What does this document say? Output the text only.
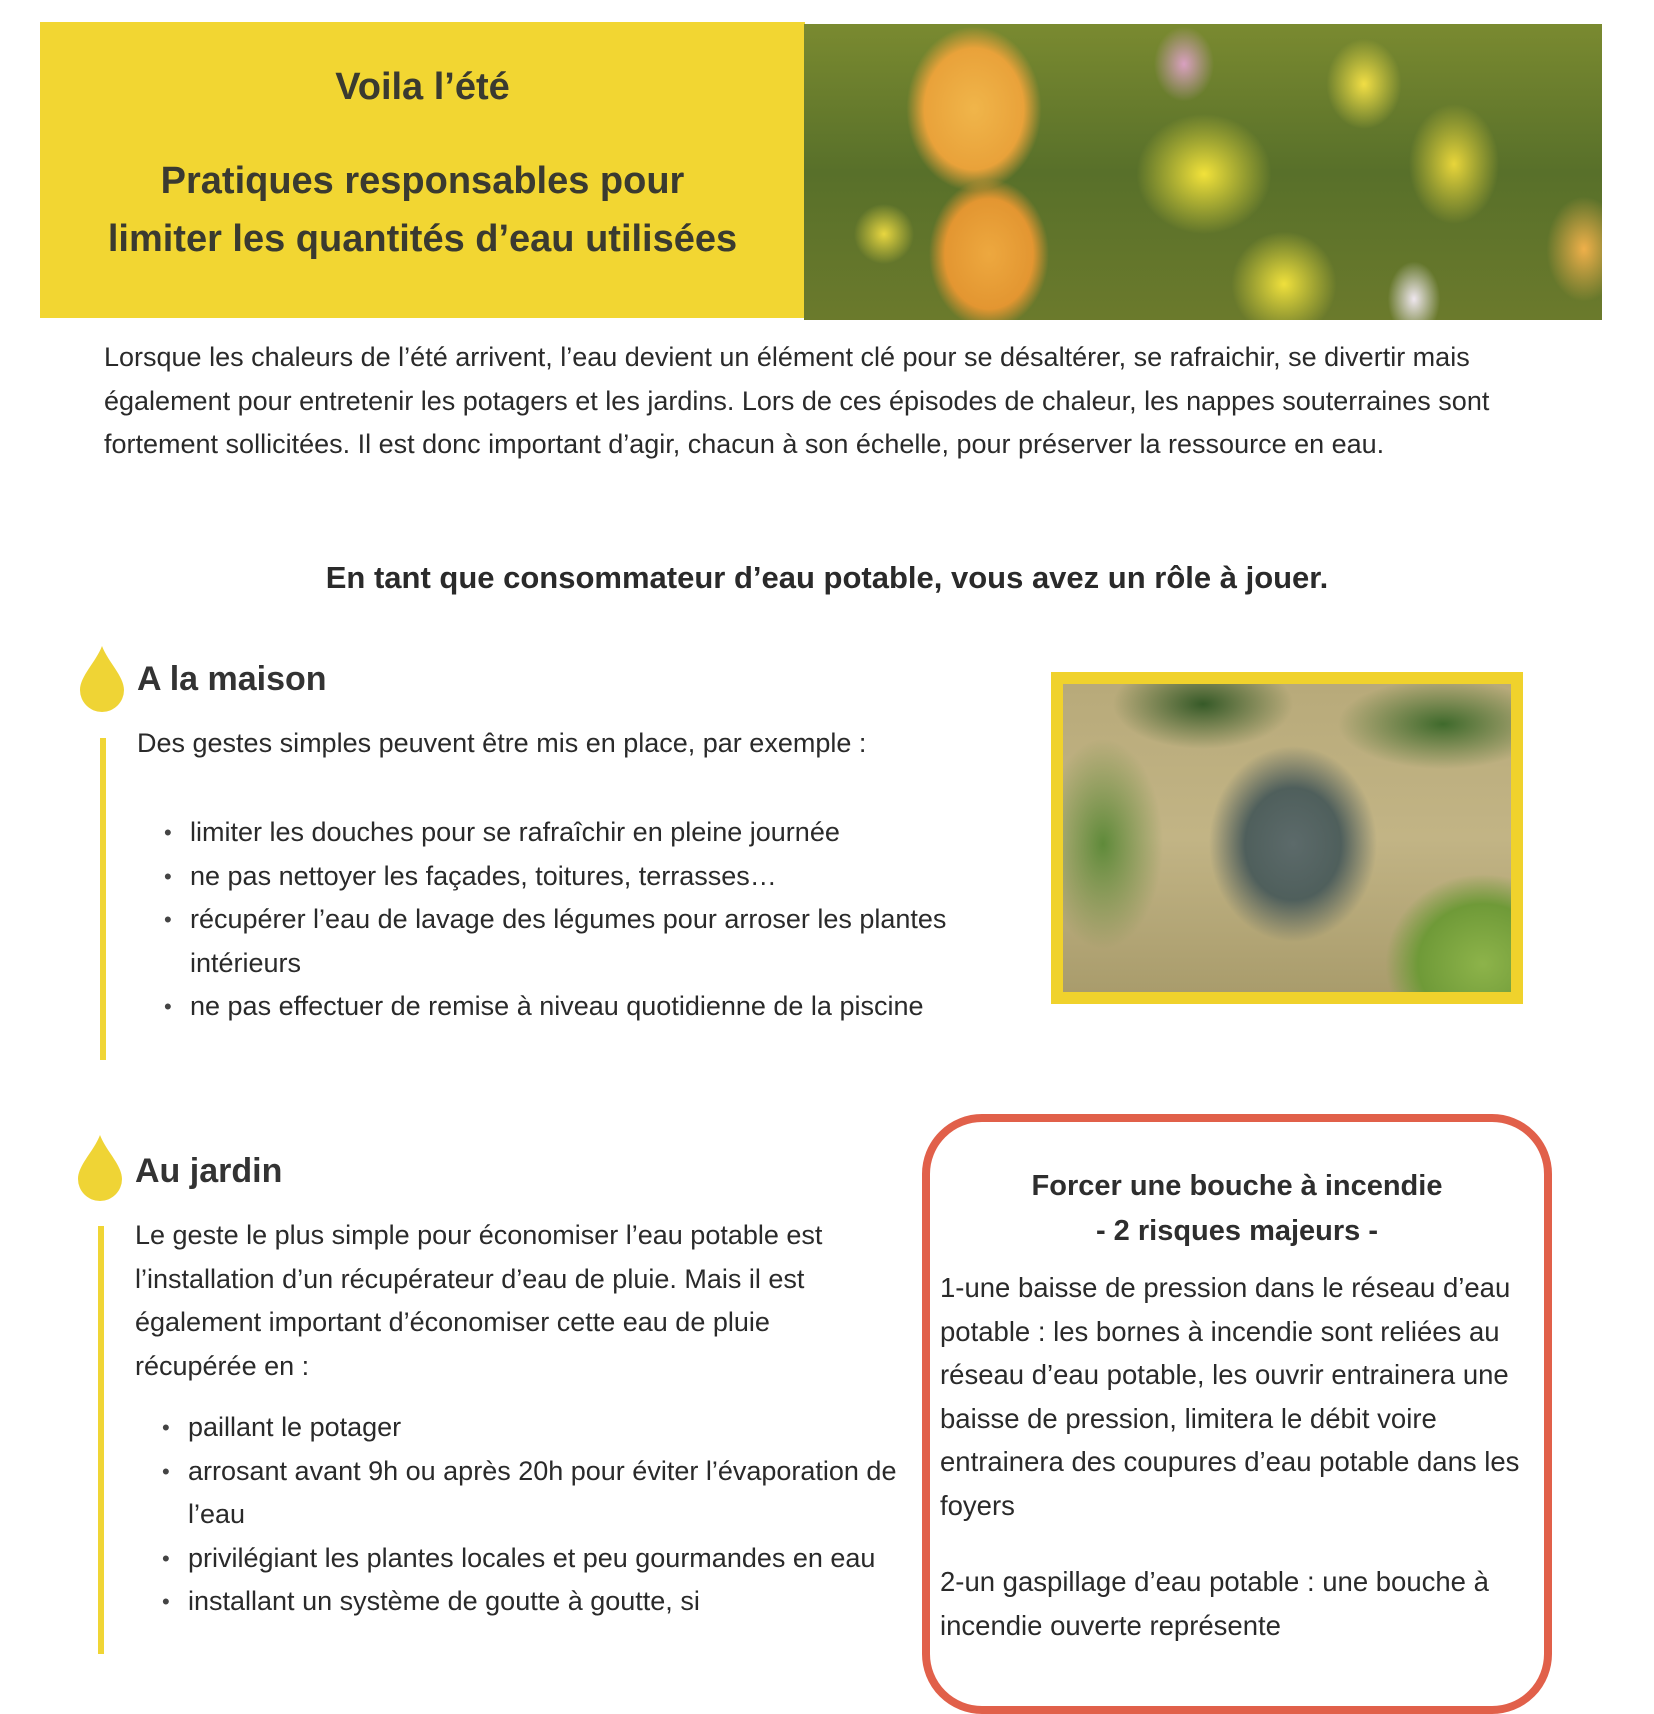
Voila l’été
Pratiques responsables pour
limiter les quantités d’eau utilisées

Lorsque les chaleurs de l’été arrivent, l’eau devient un élément clé pour se désaltérer, se rafraichir, se divertir mais également pour entretenir les potagers et les jardins. Lors de ces épisodes de chaleur, les nappes souterraines sont fortement sollicitées. Il est donc important d’agir, chacun à son échelle, pour préserver la ressource en eau.

En tant que consommateur d’eau potable, vous avez un rôle à jouer.
A la maison
Des gestes simples peuvent être mis en place, par exemple :
• limiter les douches pour se rafraîchir en pleine journée
• ne pas nettoyer les façades, toitures, terrasses…
• récupérer l’eau de lavage des légumes pour arroser les plantes intérieurs
• ne pas effectuer de remise à niveau quotidienne de la piscine
Au jardin
Le geste le plus simple pour économiser l’eau potable est l’installation d’un récupérateur d’eau de pluie. Mais il est également important d’économiser cette eau de pluie récupérée en :
• paillant le potager
• arrosant avant 9h ou après 20h pour éviter l’évaporation de l’eau
• privilégiant les plantes locales et peu gourmandes en eau
• installant un système de goutte à goutte, si
Forcer une bouche à incendie
- 2 risques majeurs -
1-une baisse de pression dans le réseau d’eau potable : les bornes à incendie sont reliées au réseau d’eau potable, les ouvrir entrainera une baisse de pression, limitera le débit voire entrainera des coupures d’eau potable dans les foyers
2-un gaspillage d’eau potable : une bouche à incendie ouverte représente
